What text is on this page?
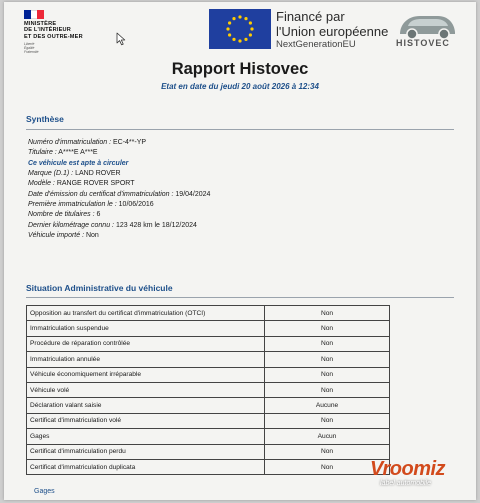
MINISTÈRE
DE L'INTÉRIEUR
ET DES OUTRE-MER
Liberté
Égalité
Fraternité
Financé par
l'Union européenne
NextGenerationEU	HISTOVEC
Rapport Histovec
Etat en date du jeudi 20 août 2026 à 12:34
Synthèse
Numéro d'immatriculation : EC-4**-YP
Titulaire : A****E A***E
Ce véhicule est apte à circuler
Marque (D.1) : LAND ROVER
Modèle : RANGE ROVER SPORT
Date d'émission du certificat d'immatriculation : 19/04/2024
Première immatriculation le : 10/06/2016
Nombre de titulaires : 6
Dernier kilométrage connu : 123 428 km le 18/12/2024
Véhicule importé : Non
Situation Administrative du véhicule
Opposition au transfert du certificat d'immatriculation (OTCI)	Non
Immatriculation suspendue	Non
Procédure de réparation contrôlée	Non
Immatriculation annulée	Non
Véhicule économiquement irréparable	Non
Véhicule volé	Non
Déclaration valant saisie	Aucune
Certificat d'immatriculation volé	Non
Gages	Aucun
Certificat d'immatriculation perdu	Non
Certificat d'immatriculation duplicata	Non
Gages
Vroomiz
label automobile
